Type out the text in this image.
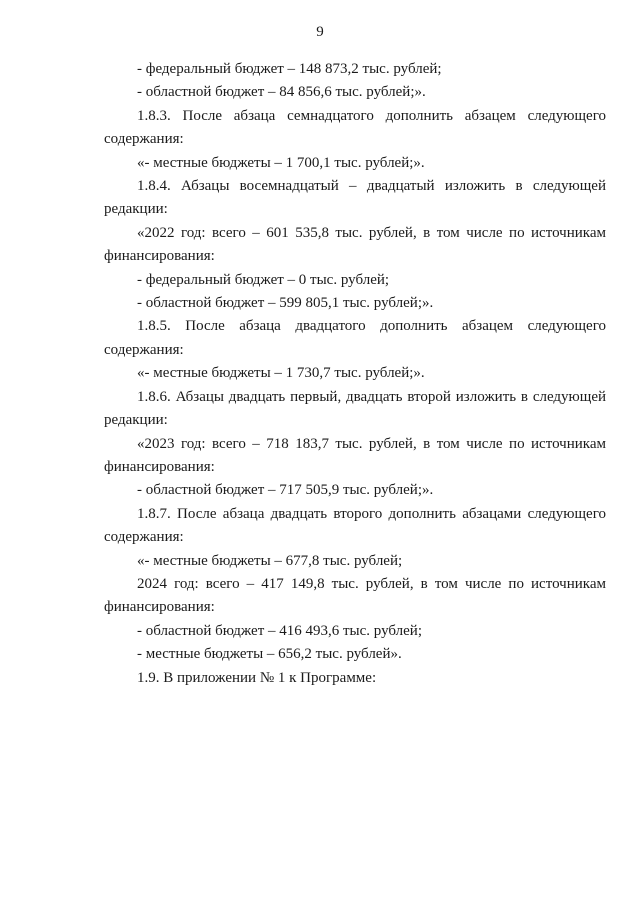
9

- федеральный бюджет – 148 873,2 тыс. рублей;

- областной бюджет – 84 856,6 тыс. рублей;».

1.8.3. После абзаца семнадцатого дополнить абзацем следующего содержания:

«- местные бюджеты – 1 700,1 тыс. рублей;».

1.8.4. Абзацы восемнадцатый – двадцатый изложить в следующей редакции:

«2022 год: всего – 601 535,8 тыс. рублей, в том числе по источникам финансирования:

- федеральный бюджет – 0 тыс. рублей;

- областной бюджет – 599 805,1 тыс. рублей;».

1.8.5. После абзаца двадцатого дополнить абзацем следующего содержания:

«- местные бюджеты – 1 730,7 тыс. рублей;».

1.8.6. Абзацы двадцать первый, двадцать второй изложить в следующей редакции:

«2023 год: всего – 718 183,7 тыс. рублей, в том числе по источникам финансирования:

- областной бюджет – 717 505,9 тыс. рублей;».

1.8.7. После абзаца двадцать второго дополнить абзацами следующего содержания:

«- местные бюджеты – 677,8 тыс. рублей;

2024 год: всего – 417 149,8 тыс. рублей, в том числе по источникам финансирования:

- областной бюджет – 416 493,6 тыс. рублей;

- местные бюджеты – 656,2 тыс. рублей».

1.9. В приложении № 1 к Программе:
